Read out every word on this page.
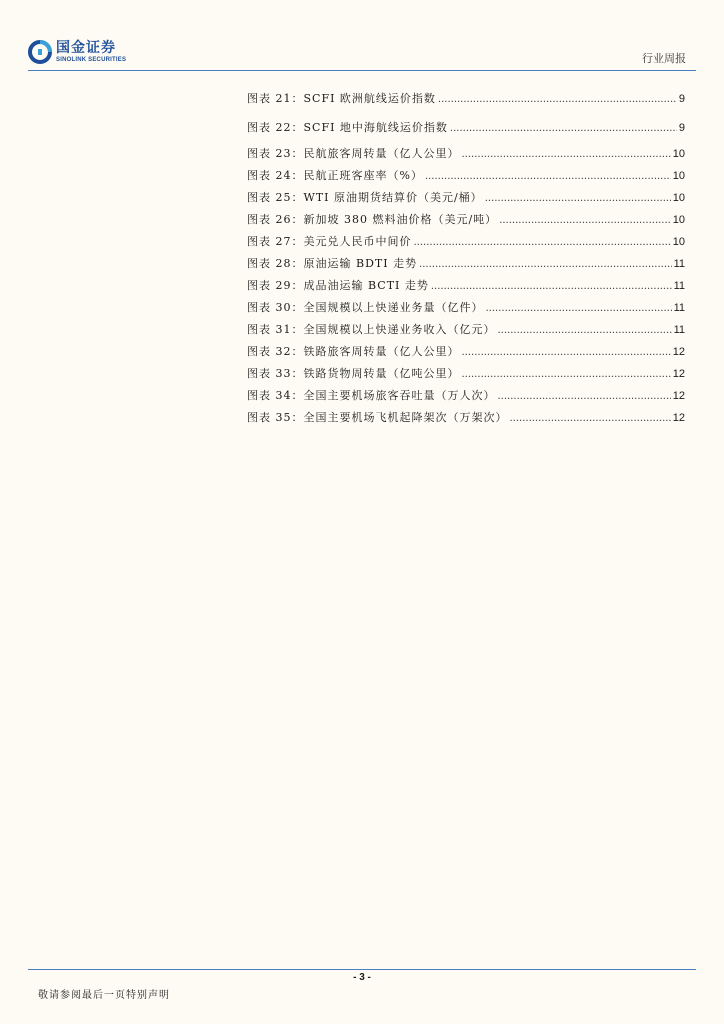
国金证券
SINOLINK SECURITIES	行业周报
图表 21：SCFI 欧洲航线运价指数 .....	9
图表 22：SCFI 地中海航线运价指数 .....	9
图表 23：民航旅客周转量（亿人公里） .....	10
图表 24：民航正班客座率（%） .....	10
图表 25：WTI 原油期货结算价（美元/桶） .....	10
图表 26：新加坡 380 燃料油价格（美元/吨） .....	10
图表 27：美元兑人民币中间价 .....	10
图表 28：原油运输 BDTI 走势 .....	11
图表 29：成品油运输 BCTI 走势 .....	11
图表 30：全国规模以上快递业务量（亿件） .....	11
图表 31：全国规模以上快递业务收入（亿元） .....	11
图表 32：铁路旅客周转量（亿人公里） .....	12
图表 33：铁路货物周转量（亿吨公里） .....	12
图表 34：全国主要机场旅客吞吐量（万人次） .....	12
图表 35：全国主要机场飞机起降架次（万架次） .....	12
- 3 -
敬请参阅最后一页特别声明
